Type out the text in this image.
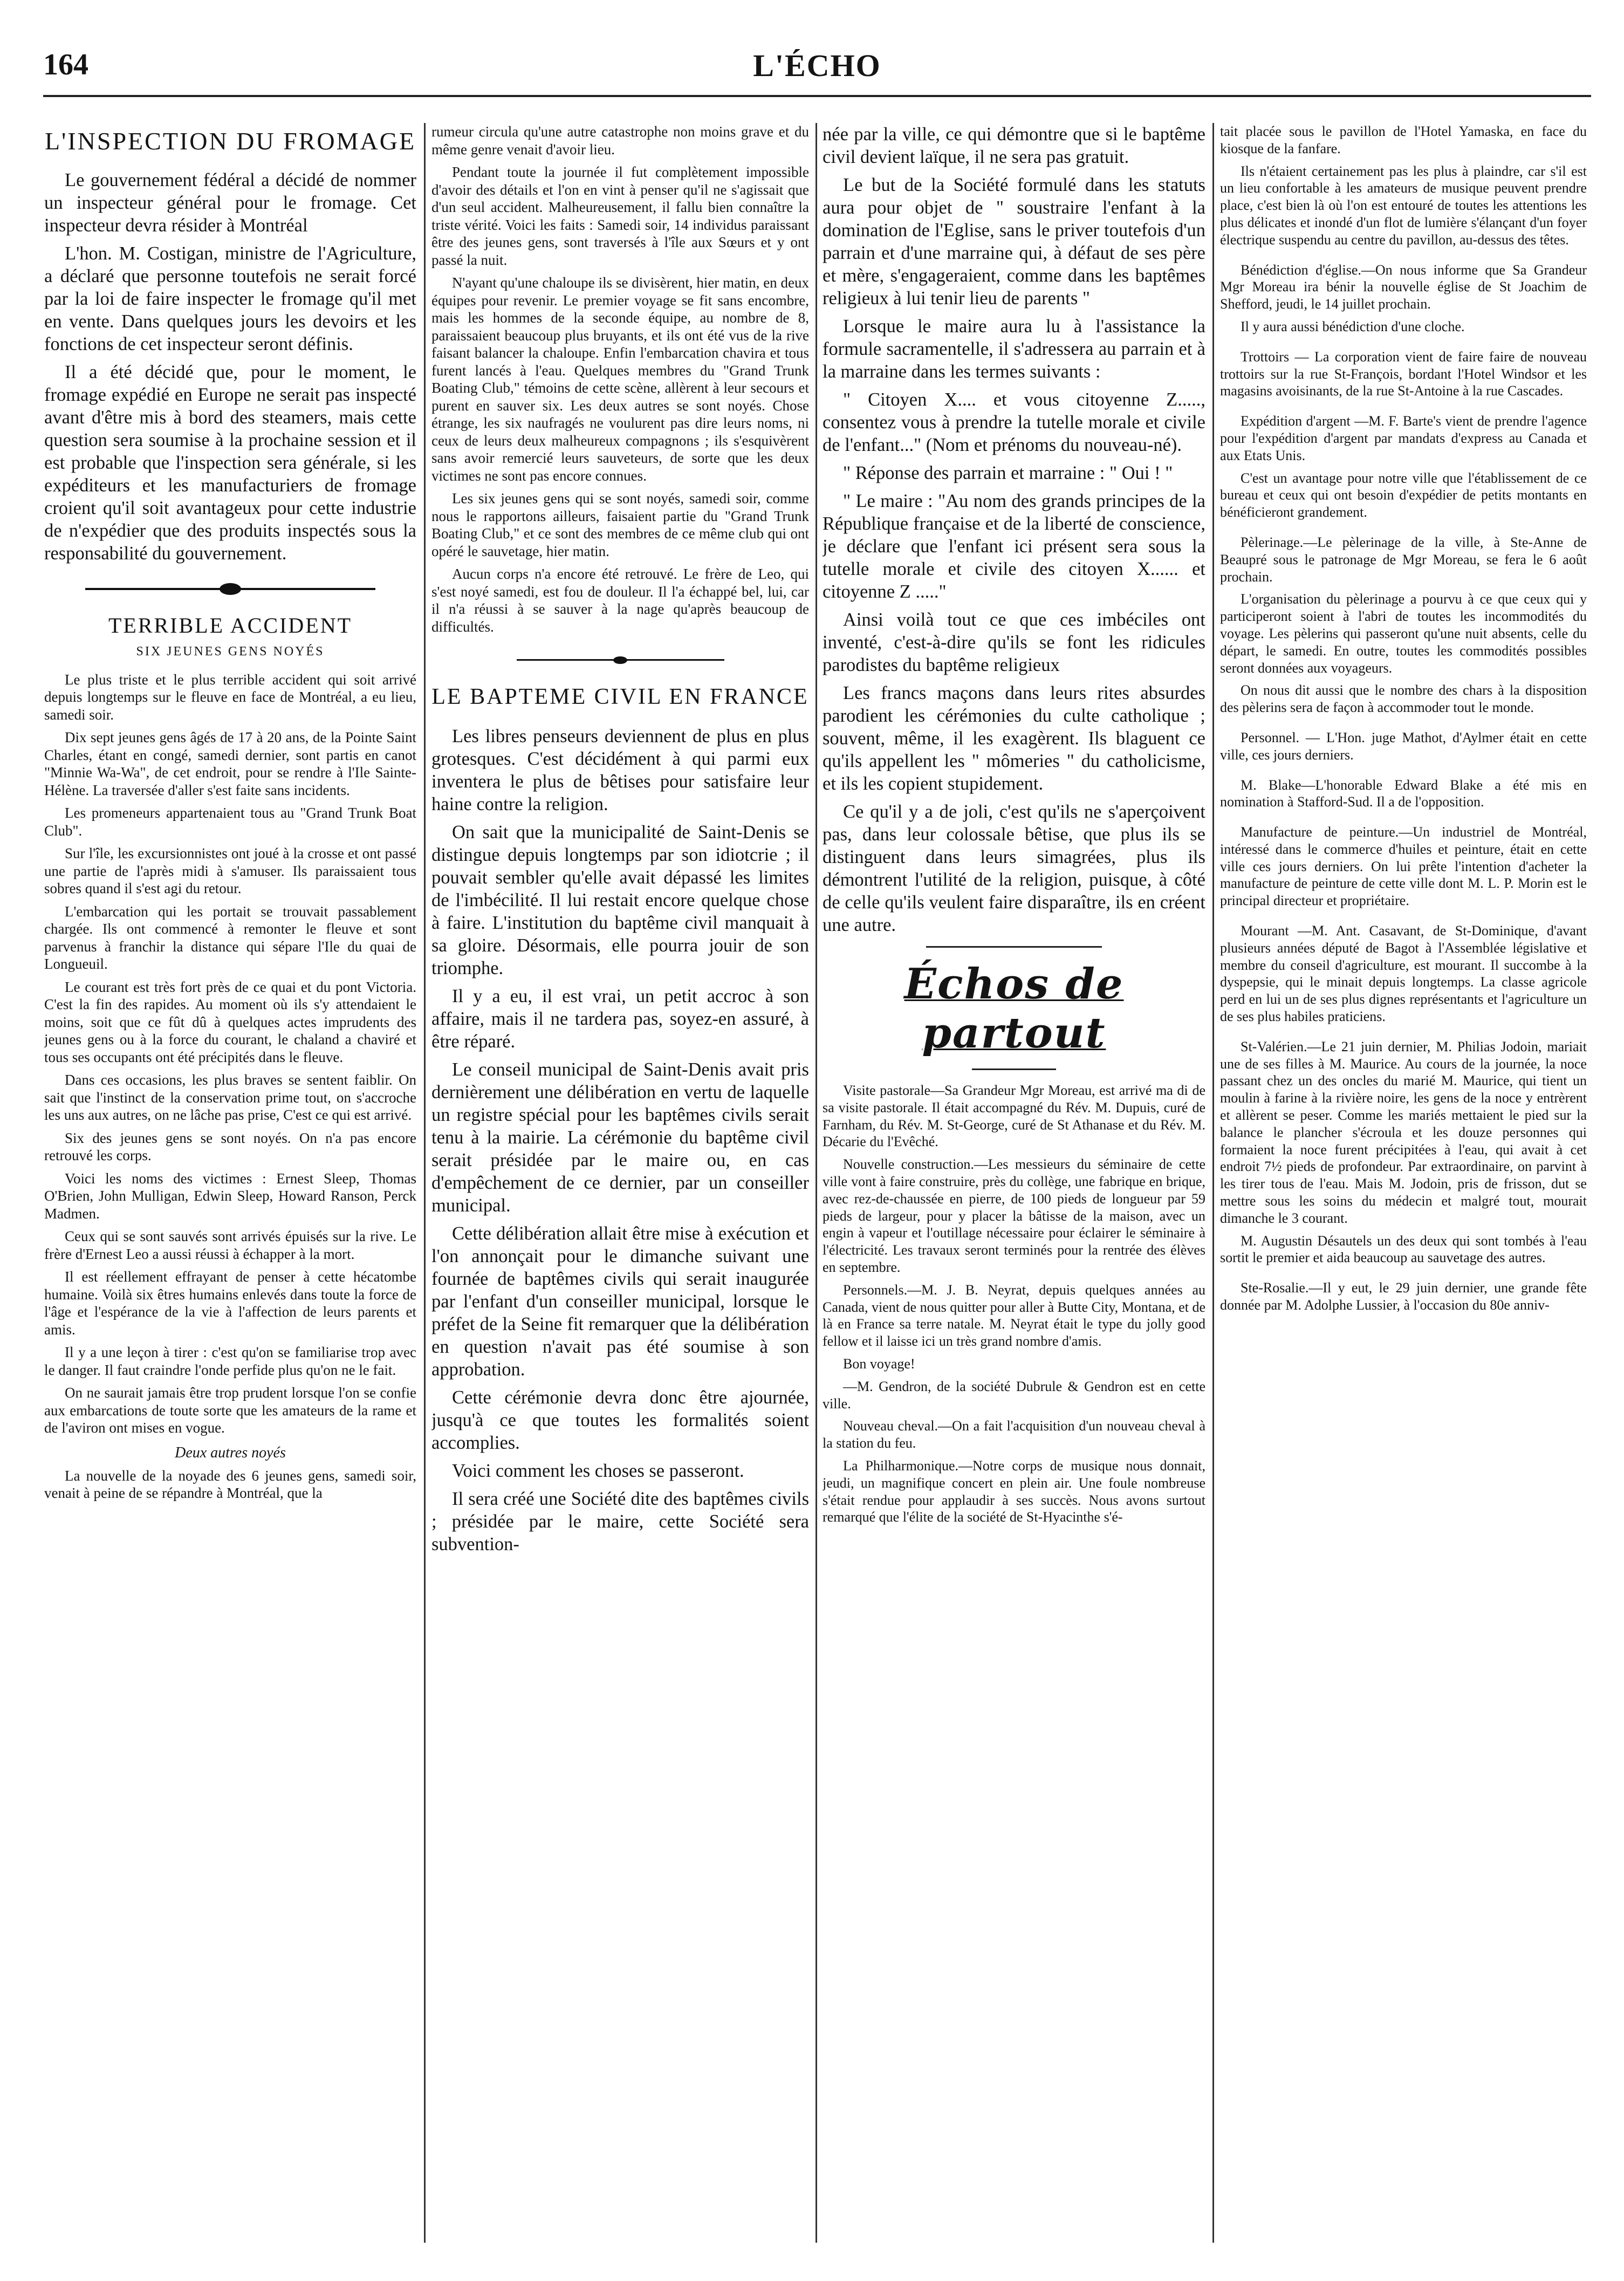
164	L'ÉCHO
L'INSPECTION DU FROMAGE

Le gouvernement fédéral a décidé de nommer un inspecteur général pour le fromage. Cet inspecteur devra résider à Montréal

L'hon. M. Costigan, ministre de l'Agriculture, a déclaré que personne toutefois ne serait forcé par la loi de faire inspecter le fromage qu'il met en vente. Dans quelques jours les devoirs et les fonctions de cet inspecteur seront définis.

Il a été décidé que, pour le moment, le fromage expédié en Europe ne serait pas inspecté avant d'être mis à bord des steamers, mais cette question sera soumise à la prochaine session et il est probable que l'inspection sera générale, si les expéditeurs et les manufacturiers de fromage croient qu'il soit avantageux pour cette industrie de n'expédier que des produits inspectés sous la responsabilité du gouvernement.

TERRIBLE ACCIDENT
SIX JEUNES GENS NOYÉS

Le plus triste et le plus terrible accident qui soit arrivé depuis longtemps sur le fleuve en face de Montréal, a eu lieu, samedi soir.

Dix sept jeunes gens âgés de 17 à 20 ans, de la Pointe Saint Charles, étant en congé, samedi dernier, sont partis en canot "Minnie Wa-Wa", de cet endroit, pour se rendre à l'Ile Sainte-Hélène. La traversée d'aller s'est faite sans incidents.

Les promeneurs appartenaient tous au "Grand Trunk Boat Club".

Sur l'île, les excursionnistes ont joué à la crosse et ont passé une partie de l'après midi à s'amuser. Ils paraissaient tous sobres quand il s'est agi du retour.

L'embarcation qui les portait se trouvait passablement chargée. Ils ont commencé à remonter le fleuve et sont parvenus à franchir la distance qui sépare l'Ile du quai de Longueuil.

Le courant est très fort près de ce quai et du pont Victoria. C'est la fin des rapides. Au moment où ils s'y attendaient le moins, soit que ce fût dû à quelques actes imprudents des jeunes gens ou à la force du courant, le chaland a chaviré et tous ses occupants ont été précipités dans le fleuve.

Dans ces occasions, les plus braves se sentent faiblir. On sait que l'instinct de la conservation prime tout, on s'accroche les uns aux autres, on ne lâche pas prise, C'est ce qui est arrivé.

Six des jeunes gens se sont noyés. On n'a pas encore retrouvé les corps.

Voici les noms des victimes : Ernest Sleep, Thomas O'Brien, John Mulligan, Edwin Sleep, Howard Ranson, Perck Madmen.

Ceux qui se sont sauvés sont arrivés épuisés sur la rive. Le frère d'Ernest Leo a aussi réussi à échapper à la mort.

Il est réellement effrayant de penser à cette hécatombe humaine. Voilà six êtres humains enlevés dans toute la force de l'âge et l'espérance de la vie à l'affection de leurs parents et amis.

Il y a une leçon à tirer : c'est qu'on se familiarise trop avec le danger. Il faut craindre l'onde perfide plus qu'on ne le fait.

On ne saurait jamais être trop prudent lorsque l'on se confie aux embarcations de toute sorte que les amateurs de la rame et de l'aviron ont mises en vogue.

Deux autres noyés

La nouvelle de la noyade des 6 jeunes gens, samedi soir, venait à peine de se répandre à Montréal, que la

rumeur circula qu'une autre catastrophe non moins grave et du même genre venait d'avoir lieu.

Pendant toute la journée il fut complètement impossible d'avoir des détails et l'on en vint à penser qu'il ne s'agissait que d'un seul accident. Malheureusement, il fallu bien connaître la triste vérité. Voici les faits : Samedi soir, 14 individus paraissant être des jeunes gens, sont traversés à l'île aux Sœurs et y ont passé la nuit.

N'ayant qu'une chaloupe ils se divisèrent, hier matin, en deux équipes pour revenir. Le premier voyage se fit sans encombre, mais les hommes de la seconde équipe, au nombre de 8, paraissaient beaucoup plus bruyants, et ils ont été vus de la rive faisant balancer la chaloupe. Enfin l'embarcation chavira et tous furent lancés à l'eau. Quelques membres du "Grand Trunk Boating Club," témoins de cette scène, allèrent à leur secours et purent en sauver six. Les deux autres se sont noyés. Chose étrange, les six naufragés ne voulurent pas dire leurs noms, ni ceux de leurs deux malheureux compagnons ; ils s'esquivèrent sans avoir remercié leurs sauveteurs, de sorte que les deux victimes ne sont pas encore connues.

Les six jeunes gens qui se sont noyés, samedi soir, comme nous le rapportons ailleurs, faisaient partie du "Grand Trunk Boating Club," et ce sont des membres de ce même club qui ont opéré le sauvetage, hier matin.

Aucun corps n'a encore été retrouvé. Le frère de Leo, qui s'est noyé samedi, est fou de douleur. Il l'a échappé bel, lui, car il n'a réussi à se sauver à la nage qu'après beaucoup de difficultés.

LE BAPTEME CIVIL EN FRANCE

Les libres penseurs deviennent de plus en plus grotesques. C'est décidément à qui parmi eux inventera le plus de bêtises pour satisfaire leur haine contre la religion.

On sait que la municipalité de Saint-Denis se distingue depuis longtemps par son idiotcrie ; il pouvait sembler qu'elle avait dépassé les limites de l'imbécilité. Il lui restait encore quelque chose à faire. L'institution du baptême civil manquait à sa gloire. Désormais, elle pourra jouir de son triomphe.

Il y a eu, il est vrai, un petit accroc à son affaire, mais il ne tardera pas, soyez-en assuré, à être réparé.

Le conseil municipal de Saint-Denis avait pris dernièrement une délibération en vertu de laquelle un registre spécial pour les baptêmes civils serait tenu à la mairie. La cérémonie du baptême civil serait présidée par le maire ou, en cas d'empêchement de ce dernier, par un conseiller municipal.

Cette délibération allait être mise à exécution et l'on annonçait pour le dimanche suivant une fournée de baptêmes civils qui serait inaugurée par l'enfant d'un conseiller municipal, lorsque le préfet de la Seine fit remarquer que la délibération en question n'avait pas été soumise à son approbation.

Cette cérémonie devra donc être ajournée, jusqu'à ce que toutes les formalités soient accomplies.

Voici comment les choses se passeront.

Il sera créé une Société dite des baptêmes civils ; présidée par le maire, cette Société sera subvention-

née par la ville, ce qui démontre que si le baptême civil devient laïque, il ne sera pas gratuit.

Le but de la Société formulé dans les statuts aura pour objet de " soustraire l'enfant à la domination de l'Eglise, sans le priver toutefois d'un parrain et d'une marraine qui, à défaut de ses père et mère, s'engageraient, comme dans les baptêmes religieux à lui tenir lieu de parents "

Lorsque le maire aura lu à l'assistance la formule sacramentelle, il s'adressera au parrain et à la marraine dans les termes suivants :

" Citoyen X.... et vous citoyenne Z....., consentez vous à prendre la tutelle morale et civile de l'enfant..." (Nom et prénoms du nouveau-né).

" Réponse des parrain et marraine : " Oui ! "

" Le maire : "Au nom des grands principes de la République française et de la liberté de conscience, je déclare que l'enfant ici présent sera sous la tutelle morale et civile des citoyen X...... et citoyenne Z ....."

Ainsi voilà tout ce que ces imbéciles ont inventé, c'est-à-dire qu'ils se font les ridicules parodistes du baptême religieux

Les francs maçons dans leurs rites absurdes parodient les cérémonies du culte catholique ; souvent, même, il les exagèrent. Ils blaguent ce qu'ils appellent les " mômeries " du catholicisme, et ils les copient stupidement.

Ce qu'il y a de joli, c'est qu'ils ne s'aperçoivent pas, dans leur colossale bêtise, que plus ils se distinguent dans leurs simagrées, plus ils démontrent l'utilité de la religion, puisque, à côté de celle qu'ils veulent faire disparaître, ils en créent une autre.

Échos de partout

Visite pastorale—Sa Grandeur Mgr Moreau, est arrivé ma di de sa visite pastorale. Il était accompagné du Rév. M. Dupuis, curé de Farnham, du Rév. M. St-George, curé de St Athanase et du Rév. M. Décarie du l'Evêché.

Nouvelle construction.—Les messieurs du séminaire de cette ville vont à faire construire, près du collège, une fabrique en brique, avec rez-de-chaussée en pierre, de 100 pieds de longueur par 59 pieds de largeur, pour y placer la bâtisse de la maison, avec un engin à vapeur et l'outillage nécessaire pour éclairer le séminaire à l'électricité. Les travaux seront terminés pour la rentrée des élèves en septembre.

Personnels.—M. J. B. Neyrat, depuis quelques années au Canada, vient de nous quitter pour aller à Butte City, Montana, et de là en France sa terre natale. M. Neyrat était le type du jolly good fellow et il laisse ici un très grand nombre d'amis.

Bon voyage!

—M. Gendron, de la société Dubrule & Gendron est en cette ville.

Nouveau cheval.—On a fait l'acquisition d'un nouveau cheval à la station du feu.

La Philharmonique.—Notre corps de musique nous donnait, jeudi, un magnifique concert en plein air. Une foule nombreuse s'était rendue pour applaudir à ses succès. Nous avons surtout remarqué que l'élite de la société de St-Hyacinthe s'é-

tait placée sous le pavillon de l'Hotel Yamaska, en face du kiosque de la fanfare.

Ils n'étaient certainement pas les plus à plaindre, car s'il est un lieu confortable à les amateurs de musique peuvent prendre place, c'est bien là où l'on est entouré de toutes les attentions les plus délicates et inondé d'un flot de lumière s'élançant d'un foyer électrique suspendu au centre du pavillon, au-dessus des têtes.

Bénédiction d'église.—On nous informe que Sa Grandeur Mgr Moreau ira bénir la nouvelle église de St Joachim de Shefford, jeudi, le 14 juillet prochain.

Il y aura aussi bénédiction d'une cloche.

Trottoirs — La corporation vient de faire faire de nouveau trottoirs sur la rue St-François, bordant l'Hotel Windsor et les magasins avoisinants, de la rue St-Antoine à la rue Cascades.

Expédition d'argent —M. F. Barte's vient de prendre l'agence pour l'expédition d'argent par mandats d'express au Canada et aux Etats Unis.

C'est un avantage pour notre ville que l'établissement de ce bureau et ceux qui ont besoin d'expédier de petits montants en bénéficieront grandement.

Pèlerinage.—Le pèlerinage de la ville, à Ste-Anne de Beaupré sous le patronage de Mgr Moreau, se fera le 6 août prochain.

L'organisation du pèlerinage a pourvu à ce que ceux qui y participeront soient à l'abri de toutes les incommodités du voyage. Les pèlerins qui passeront qu'une nuit absents, celle du départ, le samedi. En outre, toutes les commodités possibles seront données aux voyageurs.

On nous dit aussi que le nombre des chars à la disposition des pèlerins sera de façon à accommoder tout le monde.

Personnel. — L'Hon. juge Mathot, d'Aylmer était en cette ville, ces jours derniers.

M. Blake—L'honorable Edward Blake a été mis en nomination à Stafford-Sud. Il a de l'opposition.

Manufacture de peinture.—Un industriel de Montréal, intéressé dans le commerce d'huiles et peinture, était en cette ville ces jours derniers. On lui prête l'intention d'acheter la manufacture de peinture de cette ville dont M. L. P. Morin est le principal directeur et propriétaire.

Mourant —M. Ant. Casavant, de St-Dominique, d'avant plusieurs années député de Bagot à l'Assemblée législative et membre du conseil d'agriculture, est mourant. Il succombe à la dyspepsie, qui le minait depuis longtemps. La classe agricole perd en lui un de ses plus dignes représentants et l'agriculture un de ses plus habiles praticiens.

St-Valérien.—Le 21 juin dernier, M. Philias Jodoin, mariait une de ses filles à M. Maurice. Au cours de la journée, la noce passant chez un des oncles du marié M. Maurice, qui tient un moulin à farine à la rivière noire, les gens de la noce y entrèrent et allèrent se peser. Comme les mariés mettaient le pied sur la balance le plancher s'écroula et les douze personnes qui formaient la noce furent précipitées à l'eau, qui avait à cet endroit 7½ pieds de profondeur. Par extraordinaire, on parvint à les tirer tous de l'eau. Mais M. Jodoin, pris de frisson, dut se mettre sous les soins du médecin et malgré tout, mourait dimanche le 3 courant.

M. Augustin Désautels un des deux qui sont tombés à l'eau sortit le premier et aida beaucoup au sauvetage des autres.

Ste-Rosalie.—Il y eut, le 29 juin dernier, une grande fête donnée par M. Adolphe Lussier, à l'occasion du 80e anniv-
